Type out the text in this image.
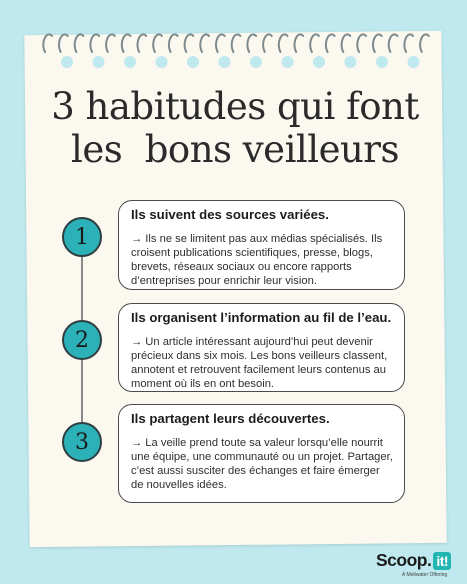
3 habitudes qui font
les  bons veilleurs
1
2
3
Ils suivent des sources variées.

→ Ils ne se limitent pas aux médias spécialisés. Ils croisent publications scientifiques, presse, blogs, brevets, réseaux sociaux ou encore rapports d’entreprises pour enrichir leur vision.

Ils organisent l’information au fil de l’eau.

→ Un article intéressant aujourd’hui peut devenir précieux dans six mois. Les bons veilleurs classent, annotent et retrouvent facilement leurs contenus au moment où ils en ont besoin.

Ils partagent leurs découvertes.

→ La veille prend toute sa valeur lorsqu’elle nourrit une équipe, une communauté ou un projet. Partager, c’est aussi susciter des échanges et faire émerger de nouvelles idées.

Scoop. it!
A Meltwater Offering
